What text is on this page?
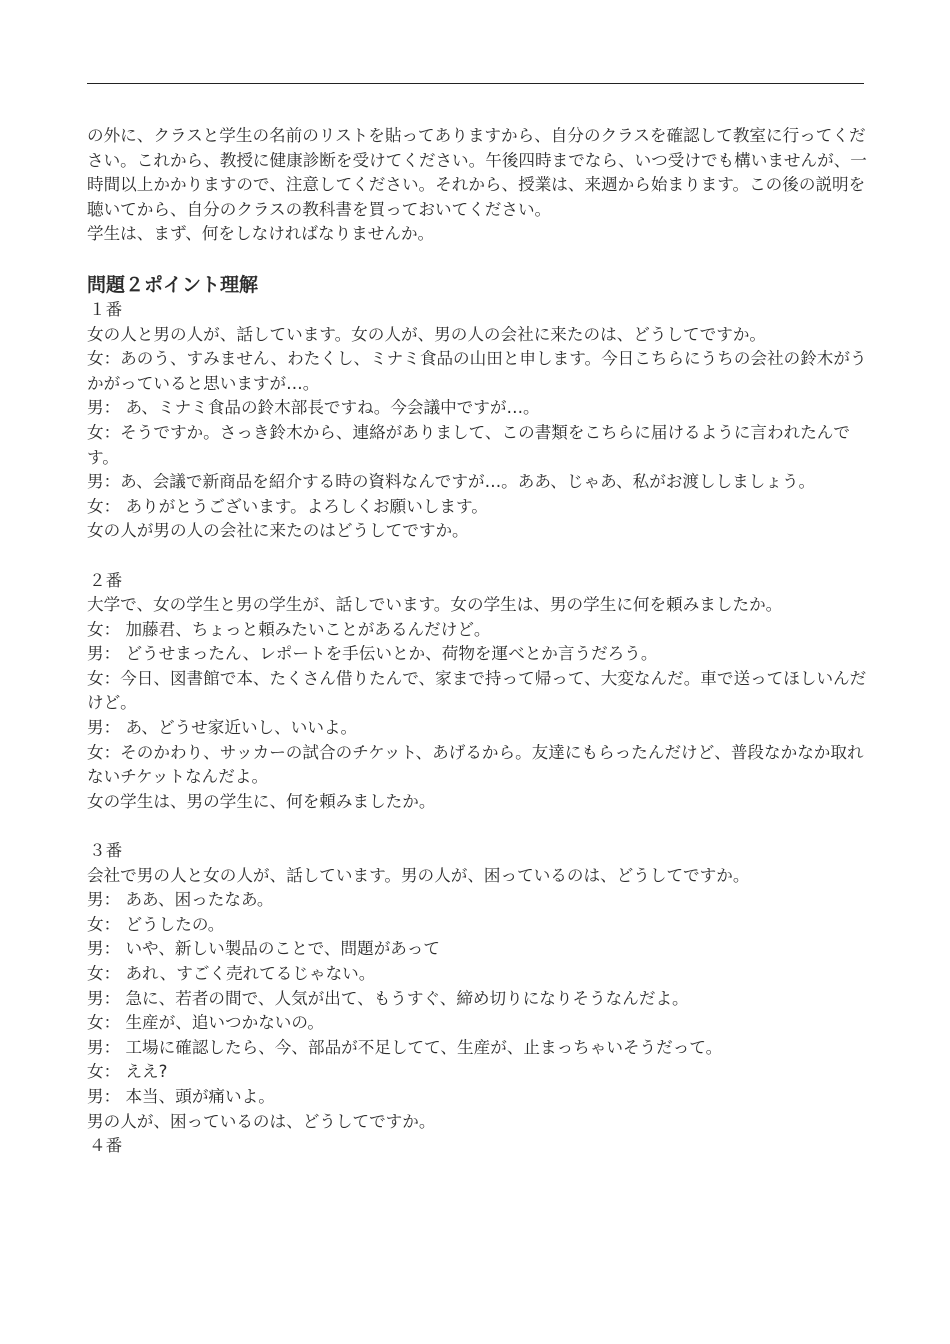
の外に、クラスと学生の名前のリストを貼ってありますから、自分のクラスを確認して教室に行ってください。これから、教授に健康診断を受けてください。午後四時までなら、いつ受けでも構いませんが、一時間以上かかりますので、注意してください。それから、授業は、来週から始まります。この後の説明を聴いてから、自分のクラスの教科書を買っておいてください。

学生は、まず、何をしなければなりませんか。

問題２ポイント理解

１番

女の人と男の人が、話しています。女の人が、男の人の会社に来たのは、どうしてですか。

女：あのう、すみません、わたくし、ミナミ食品の山田と申します。今日こちらにうちの会社の鈴木がうかがっていると思いますが…。

男： あ、ミナミ食品の鈴木部長ですね。今会議中ですが…。

女：そうですか。さっき鈴木から、連絡がありまして、この書類をこちらに届けるように言われたんです。

男：あ、会議で新商品を紹介する時の資料なんですが…。ああ、じゃあ、私がお渡ししましょう。

女： ありがとうございます。よろしくお願いします。

女の人が男の人の会社に来たのはどうしてですか。

２番

大学で、女の学生と男の学生が、話しでいます。女の学生は、男の学生に何を頼みましたか。

女： 加藤君、ちょっと頼みたいことがあるんだけど。

男： どうせまったん、レポートを手伝いとか、荷物を運べとか言うだろう。

女：今日、図書館で本、たくさん借りたんで、家まで持って帰って、大変なんだ。車で送ってほしいんだけど。

男： あ、どうせ家近いし、いいよ。

女：そのかわり、サッカーの試合のチケット、あげるから。友達にもらったんだけど、普段なかなか取れないチケットなんだよ。

女の学生は、男の学生に、何を頼みましたか。

３番

会社で男の人と女の人が、話しています。男の人が、困っているのは、どうしてですか。

男： ああ、困ったなあ。

女： どうしたの。

男： いや、新しい製品のことで、問題があって

女： あれ、すごく売れてるじゃない。

男： 急に、若者の間で、人気が出て、もうすぐ、締め切りになりそうなんだよ。

女： 生産が、追いつかないの。

男： 工場に確認したら、今、部品が不足してて、生産が、止まっちゃいそうだって。

女： ええ?

男： 本当、頭が痛いよ。

男の人が、困っているのは、どうしてですか。

４番
